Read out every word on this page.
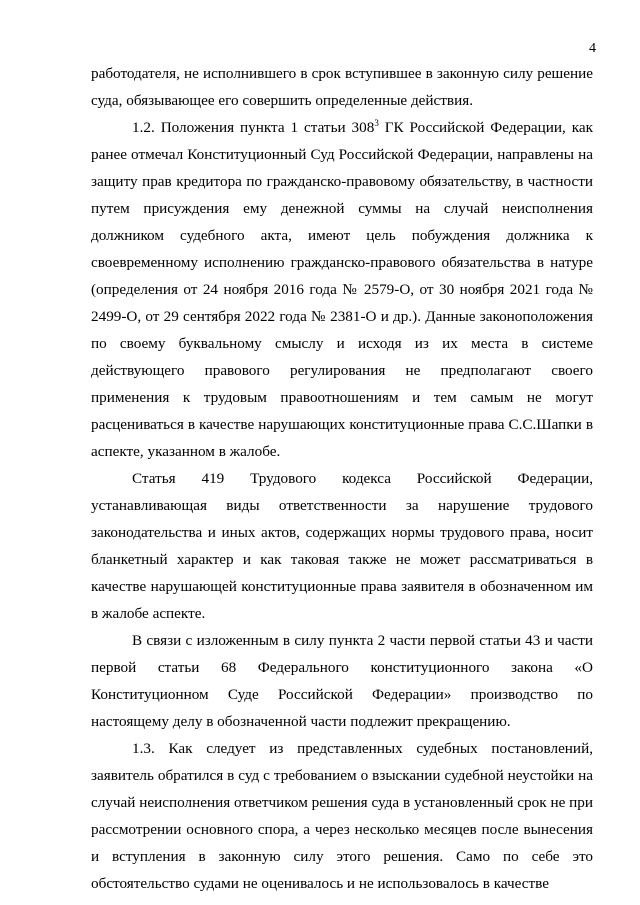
4

работодателя, не исполнившего в срок вступившее в законную силу решение суда, обязывающее его совершить определенные действия.

1.2. Положения пункта 1 статьи 308$^3$ ГК Российской Федерации, как ранее отмечал Конституционный Суд Российской Федерации, направлены на защиту прав кредитора по гражданско-правовому обязательству, в частности путем присуждения ему денежной суммы на случай неисполнения должником судебного акта, имеют цель побуждения должника к своевременному исполнению гражданско-правового обязательства в натуре (определения от 24 ноября 2016 года № 2579-О, от 30 ноября 2021 года № 2499-О, от 29 сентября 2022 года № 2381-О и др.). Данные законоположения по своему буквальному смыслу и исходя из их места в системе действующего правового регулирования не предполагают своего применения к трудовым правоотношениям и тем самым не могут расцениваться в качестве нарушающих конституционные права С.С.Шапки в аспекте, указанном в жалобе.

Статья 419 Трудового кодекса Российской Федерации, устанавливающая виды ответственности за нарушение трудового законодательства и иных актов, содержащих нормы трудового права, носит бланкетный характер и как таковая также не может рассматриваться в качестве нарушающей конституционные права заявителя в обозначенном им в жалобе аспекте.

В связи с изложенным в силу пункта 2 части первой статьи 43 и части первой статьи 68 Федерального конституционного закона «О Конституционном Суде Российской Федерации» производство по настоящему делу в обозначенной части подлежит прекращению.

1.3. Как следует из представленных судебных постановлений, заявитель обратился в суд с требованием о взыскании судебной неустойки на случай неисполнения ответчиком решения суда в установленный срок не при рассмотрении основного спора, а через несколько месяцев после вынесения и вступления в законную силу этого решения. Само по себе это обстоятельство судами не оценивалось и не использовалось в качестве
